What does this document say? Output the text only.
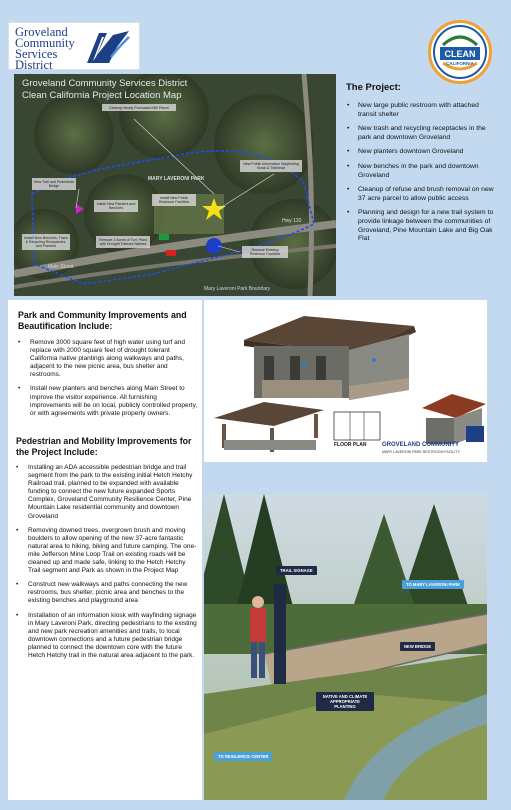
Groveland
Community
Services
District
CLEAN
CALIFORNIA
Groveland Community Services District
Clean California Project Location Map
Cleanup Newly Purchased Mill Parcel
New Trail and Pedestrian Bridge
Install New Planters and Benches
Install New Public Restroom Facilities
New Public Information Wayfinding Kiosk & Trailhead
Install New Benches, Trash & Recycling Receptacles, and Planters
Remove 2 Acres of Turf, Plant with Drought Tolerant Natives
Remove Existing Restroom Facilities
MARY LAVERONI PARK
Main Street
Hwy 120
Mary Laveroni Park Boundary
The Project:
• New large public restroom with attached transit shelter
• New trash and recycling receptacles in the park and downtown Groveland
• New planters downtown Groveland
• New benches in the park and downtown Groveland
• Cleanup of refuse and brush removal on new 37 acre parcel to allow public access
• Planning and design for a new trail system to provide linkage between the communities of Groveland, Pine Mountain Lake and Big Oak Flat
Park and Community Improvements and Beautification Include:
• Remove 3000 square feet of high water using turf and replace with 2000 square feet of drought tolerant California native plantings along walkways and paths, adjacent to the new picnic area, bus shelter and restrooms.
• Install new planters and benches along Main Street to improve the visitor experience. All furnishing improvements will be on local, publicly controlled property, or with agreements with private property owners.
Pedestrian and Mobility Improvements for the Project Include:
• Installing an ADA accessible pedestrian bridge and trail segment from the park to the existing initial Hetch Hetchy Railroad trail, planned to be expanded with available funding to connect the new future expanded Sports Complex, Groveland Community Resilience Center, Pine Mountain Lake residential community and downtown Groveland
• Removing downed trees, overgrown brush and moving boulders to allow opening of the new 37-acre fantastic natural area to hiking, biking and future camping. The one-mile Jefferson Mine Loop Trail on existing roads will be cleaned up and made safe, linking to the Hetch Hetchy Trail segment and Park as shown in the Project Map
• Construct new walkways and paths connecting the new restrooms, bus shelter, picnic area and benches to the existing benches and playground area
• Installation of an information kiosk with wayfinding signage in Mary Laveroni Park, directing pedestrians to the existing and new park recreation amenities and trails, to local downtown connections and a future pedestrian bridge planned to connect the downtown core with the future Hetch Hetchy trail in the natural area adjacent to the park.
FLOOR PLAN	GROVELAND COMMUNITY
MARY LAVERONI PARK RESTROOM FACILITY
TRAIL SIGNAGE
TO MARY LAVERONI PARK
NEW BRIDGE
NATIVE AND CLIMATE APPROPRIATE PLANTING
TO RESILIENCE CENTER
